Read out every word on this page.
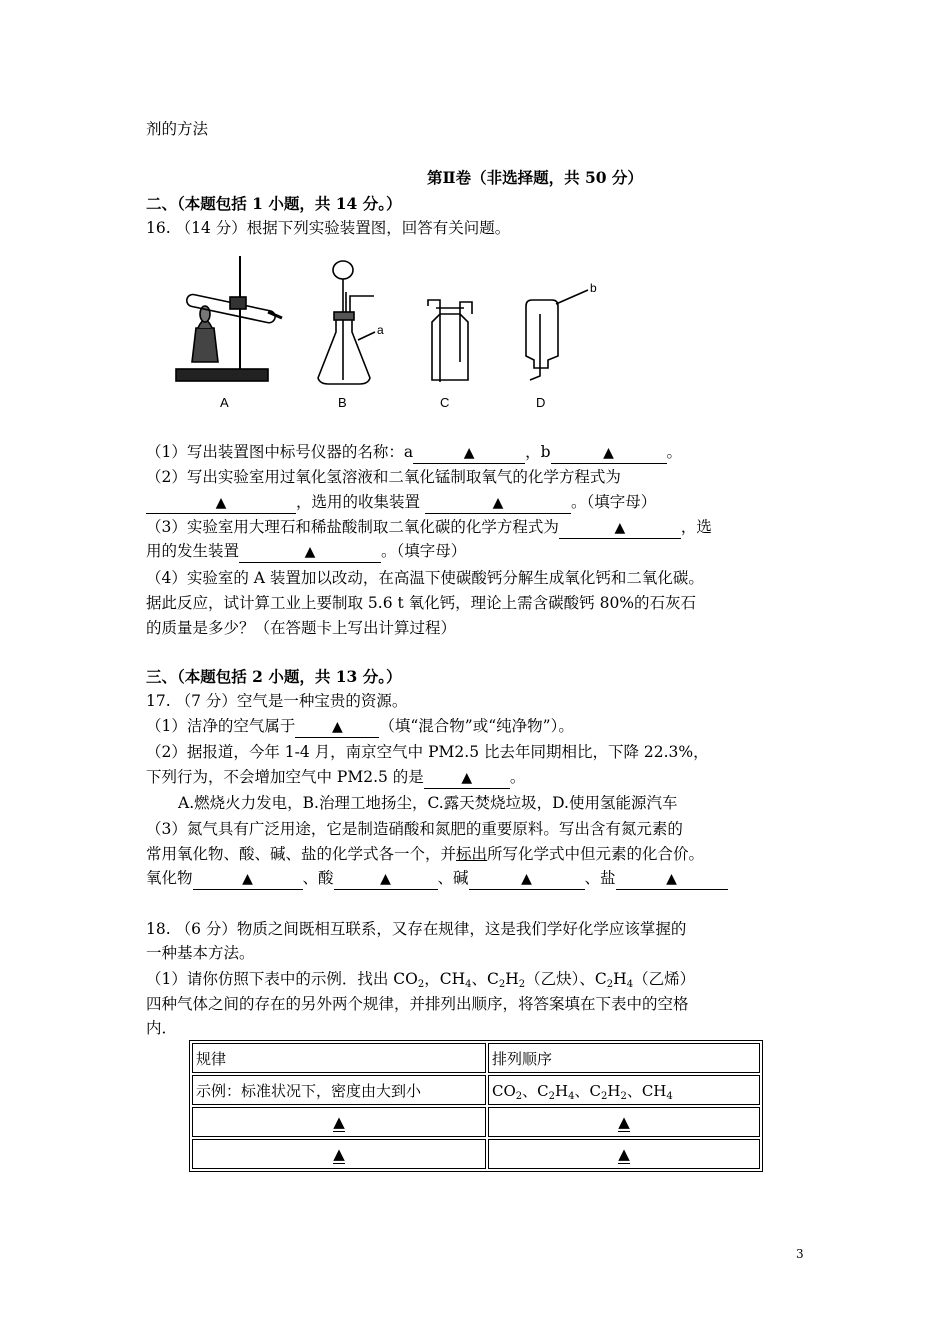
剂的方法
第Ⅱ卷（非选择题，共 50 分）
二、（本题包括 1 小题，共 14 分。）
16. （14 分）根据下列实验装置图，回答有关问题。
a
b
A	B	C	D
（1）写出装置图中标号仪器的名称：a	▲	，b	▲	。
（2）写出实验室用过氧化氢溶液和二氧化锰制取氧气的化学方程式为
▲	，选用的收集装置	▲	。（填字母）
（3）实验室用大理石和稀盐酸制取二氧化碳的化学方程式为	▲	，选
用的发生装置	▲	。（填字母）
（4）实验室的 A 装置加以改动，在高温下使碳酸钙分解生成氧化钙和二氧化碳。
据此反应，试计算工业上要制取 5.6 t 氧化钙，理论上需含碳酸钙 80%的石灰石
的质量是多少？（在答题卡上写出计算过程）
三、（本题包括 2 小题，共 13 分。）
17. （7 分）空气是一种宝贵的资源。
（1）洁净的空气属于	▲ （填“混合物”或“纯净物”）。
（2）据报道，今年 1-4 月，南京空气中 PM2.5 比去年同期相比，下降 22.3%，
下列行为，不会增加空气中 PM2.5 的是	▲ 。
A.燃烧火力发电，B.治理工地扬尘，C.露天焚烧垃圾，D.使用氢能源汽车
（3）氮气具有广泛用途，它是制造硝酸和氮肥的重要原料。写出含有氮元素的
常用氧化物、酸、碱、盐的化学式各一个，并标出所写化学式中但元素的化合价。
氧化物	▲	、酸	▲	、碱	▲	、盐	▲
18. （6 分）物质之间既相互联系，又存在规律，这是我们学好化学应该掌握的
一种基本方法。
（1）请你仿照下表中的示例．找出 $CO_2$，$CH_4$、$C_2H_2$（乙炔）、$C_2H_4$（乙烯）
四种气体之间的存在的另外两个规律，并排列出顺序，将答案填在下表中的空格
内．
规律	排列顺序
示例：标准状况下，密度由大到小	$CO_2$、$C_2H_4$、$C_2H_2$、$CH_4$
▲	▲
▲	▲
3
